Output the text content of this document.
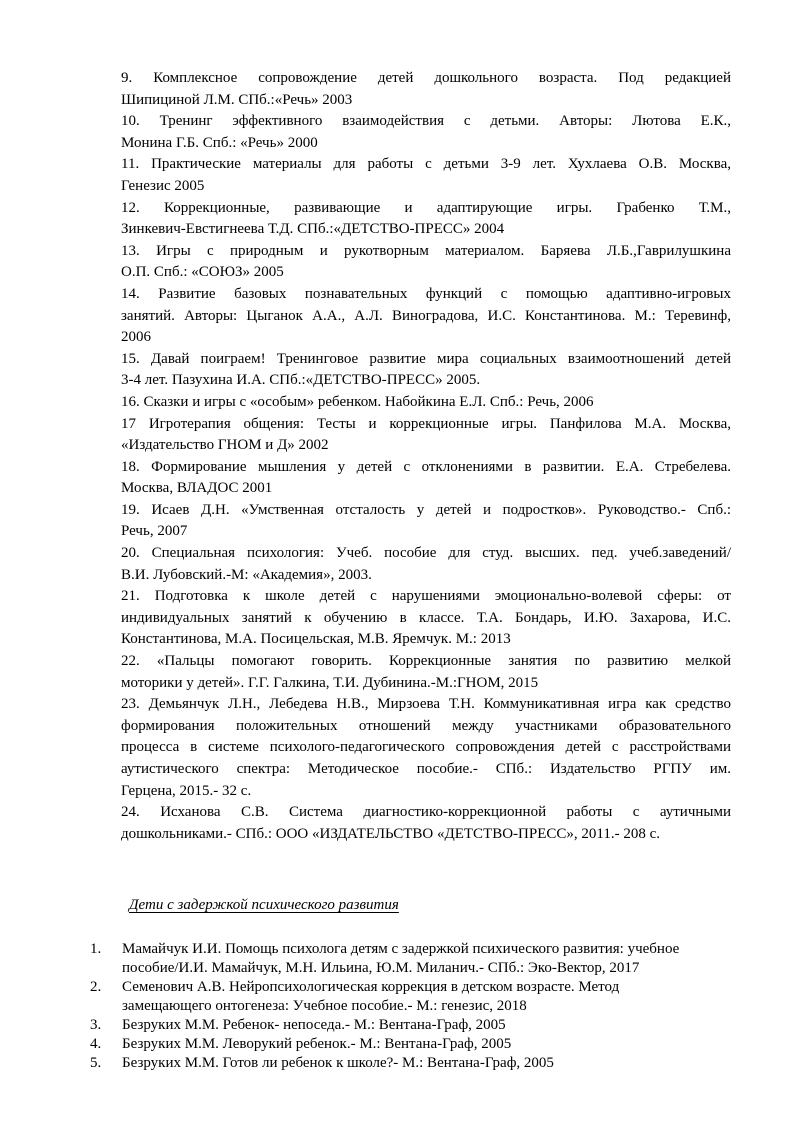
9. Комплексное сопровождение детей дошкольного возраста. Под редакцией
Шипициной Л.М. СПб.:«Речь» 2003

10. Тренинг эффективного взаимодействия с детьми. Авторы: Лютова Е.К.,
Монина Г.Б. Спб.: «Речь» 2000

11. Практические материалы для работы с детьми 3-9 лет. Хухлаева О.В. Москва,
Генезис 2005

12. Коррекционные, развивающие и адаптирующие игры. Грабенко Т.М.,
Зинкевич-Евстигнеева Т.Д. СПб.:«ДЕТСТВО-ПРЕСС» 2004

13. Игры с природным и рукотворным материалом. Баряева Л.Б.,Гаврилушкина
О.П. Спб.: «СОЮЗ» 2005

14. Развитие базовых познавательных функций с помощью адаптивно-игровых
занятий. Авторы: Цыганок А.А., А.Л. Виноградова, И.С. Константинова. М.: Теревинф,
2006

15. Давай поиграем! Тренинговое развитие мира социальных взаимоотношений детей
3-4 лет. Пазухина И.А. СПб.:«ДЕТСТВО-ПРЕСС» 2005.

16. Сказки и игры с «особым» ребенком. Набойкина Е.Л. Спб.: Речь, 2006

17 Игротерапия общения: Тесты и коррекционные игры. Панфилова М.А. Москва,
«Издательство ГНОМ и Д» 2002

18. Формирование мышления у детей с отклонениями в развитии. Е.А. Стребелева.
Москва, ВЛАДОС 2001

19. Исаев Д.Н. «Умственная отсталость у детей и подростков». Руководство.- Спб.:
Речь, 2007

20. Специальная психология: Учеб. пособие для студ. высших. пед. учеб.заведений/
В.И. Лубовский.-М: «Академия», 2003.

21. Подготовка к школе детей с нарушениями эмоционально-волевой сферы: от
индивидуальных занятий к обучению в классе. Т.А. Бондарь, И.Ю. Захарова, И.С.
Константинова, М.А. Посицельская, М.В. Яремчук. М.: 2013

22. «Пальцы помогают говорить. Коррекционные занятия по развитию мелкой
моторики у детей». Г.Г. Галкина, Т.И. Дубинина.-М.:ГНОМ, 2015

23. Демьянчук Л.Н., Лебедева Н.В., Мирзоева Т.Н. Коммуникативная игра как средство
формирования положительных отношений между участниками образовательного
процесса в системе психолого-педагогического сопровождения детей с расстройствами
аутистического спектра: Методическое пособие.- СПб.: Издательство РГПУ им.
Герцена, 2015.- 32 с.

24. Исханова С.В. Система диагностико-коррекционной работы с аутичными
дошкольниками.- СПб.: ООО «ИЗДАТЕЛЬСТВО «ДЕТСТВО-ПРЕСС», 2011.- 208 с.

Дети с задержкой психического развития
1.	Мамайчук И.И. Помощь психолога детям с задержкой психического развития: учебное
пособие/И.И. Мамайчук, М.Н. Ильина, Ю.М. Миланич.- СПб.: Эко-Вектор, 2017
2.	Семенович А.В. Нейропсихологическая коррекция в детском возрасте. Метод
замещающего онтогенеза: Учебное пособие.- М.: генезис, 2018
3.	Безруких М.М. Ребенок- непоседа.- М.: Вентана-Граф, 2005
4.	Безруких М.М. Леворукий ребенок.- М.: Вентана-Граф, 2005
5.	Безруких М.М. Готов ли ребенок к школе?- М.: Вентана-Граф, 2005
